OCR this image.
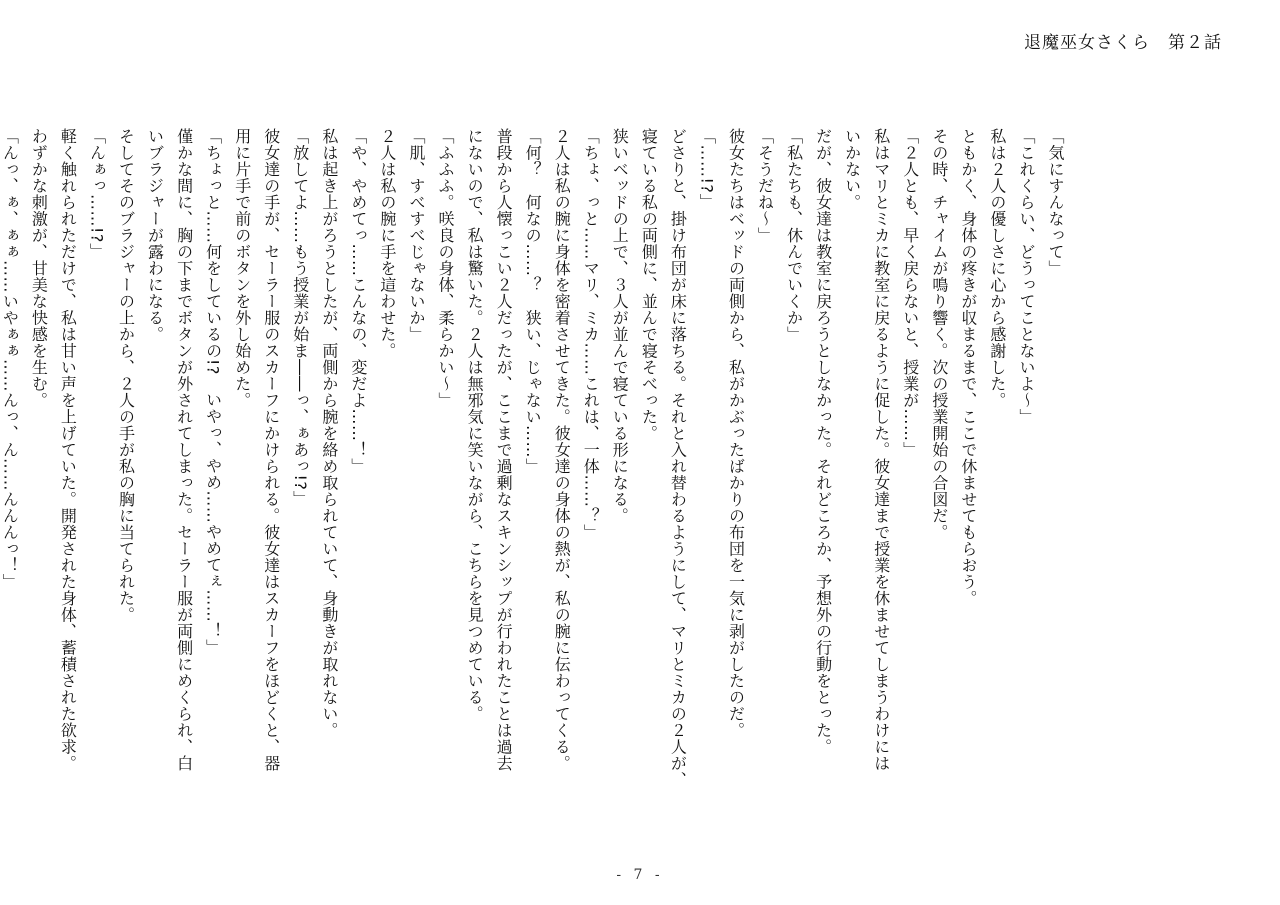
退魔巫女さくら　第２話

「気にすんなって」

「これくらい、どうってことないよ～」

私は２人の優しさに心から感謝した。

ともかく、身体の疼きが収まるまで、ここで休ませてもらおう。

その時、チャイムが鳴り響く。次の授業開始の合図だ。

「２人とも、早く戻らないと、授業が……」

私はマリとミカに教室に戻るように促した。彼女達まで授業を休ませてしまうわけには

いかない。

だが、彼女達は教室に戻ろうとしなかった。それどころか、予想外の行動をとった。

「私たちも、休んでいくか」

「そうだね～」

彼女たちはベッドの両側から、私がかぶったばかりの布団を一気に剥がしたのだ。

「……!?」

どさりと、掛け布団が床に落ちる。それと入れ替わるようにして、マリとミカの２人が、

寝ている私の両側に、並んで寝そべった。

狭いベッドの上で、３人が並んで寝ている形になる。

「ちょ、っと……マリ、ミカ……これは、一体……？」

２人は私の腕に身体を密着させてきた。彼女達の身体の熱が、私の腕に伝わってくる。

「何？　何なの……？　狭い、じゃない……」

普段から人懐っこい２人だったが、ここまで過剰なスキンシップが行われたことは過去

にないので、私は驚いた。２人は無邪気に笑いながら、こちらを見つめている。

「ふふふ。咲良の身体、柔らかい～」

「肌、すべすべじゃないか」

２人は私の腕に手を這わせた。

「や、やめてっ……こんなの、変だよ……！」

私は起き上がろうとしたが、両側から腕を絡め取られていて、身動きが取れない。

「放してよ……もう授業が始ま――っ、ぁあっ!?」

彼女達の手が、セーラー服のスカーフにかけられる。彼女達はスカーフをほどくと、器

用に片手で前のボタンを外し始めた。

「ちょっと……何をしているの!?　いやっ、やめ……やめてぇ……！」

僅かな間に、胸の下までボタンが外されてしまった。セーラー服が両側にめくられ、白

いブラジャーが露わになる。

そしてそのブラジャーの上から、２人の手が私の胸に当てられた。

「んぁっ……!?」

軽く触れられただけで、私は甘い声を上げていた。開発された身体、蓄積された欲求。

わずかな刺激が、甘美な快感を生む。

「んっ、ぁ、ぁぁ……いやぁぁ……んっ、ん……んんんっ！」

- 7 -
